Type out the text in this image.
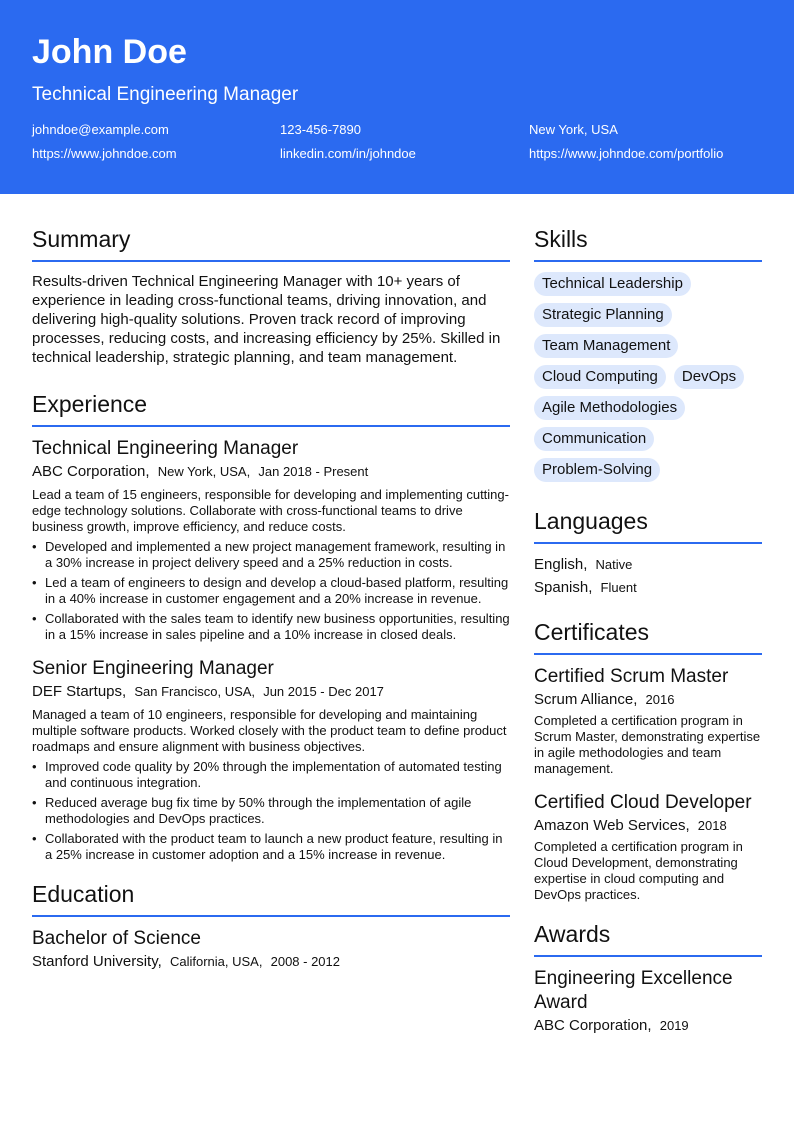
John Doe
Technical Engineering Manager
johndoe@example.com	123-456-7890	New York, USA
https://www.johndoe.com	linkedin.com/in/johndoe	https://www.johndoe.com/portfolio
Summary

Results-driven Technical Engineering Manager with 10+ years of experience in leading cross-functional teams, driving innovation, and delivering high-quality solutions. Proven track record of improving processes, reducing costs, and increasing efficiency by 25%. Skilled in technical leadership, strategic planning, and team management.

Experience
Technical Engineering Manager
ABC Corporation, New York, USA, Jan 2018 - Present

Lead a team of 15 engineers, responsible for developing and implementing cutting-edge technology solutions. Collaborate with cross-functional teams to drive business growth, improve efficiency, and reduce costs.

• Developed and implemented a new project management framework, resulting in a 30% increase in project delivery speed and a 25% reduction in costs.
• Led a team of engineers to design and develop a cloud-based platform, resulting in a 40% increase in customer engagement and a 20% increase in revenue.
• Collaborated with the sales team to identify new business opportunities, resulting in a 15% increase in sales pipeline and a 10% increase in closed deals.
Senior Engineering Manager
DEF Startups, San Francisco, USA, Jun 2015 - Dec 2017

Managed a team of 10 engineers, responsible for developing and maintaining multiple software products. Worked closely with the product team to define product roadmaps and ensure alignment with business objectives.

• Improved code quality by 20% through the implementation of automated testing and continuous integration.
• Reduced average bug fix time by 50% through the implementation of agile methodologies and DevOps practices.
• Collaborated with the product team to launch a new product feature, resulting in a 25% increase in customer adoption and a 15% increase in revenue.
Education
Bachelor of Science
Stanford University, California, USA, 2008 - 2012
Skills
Technical Leadership
Strategic Planning
Team Management
Cloud Computing	DevOps
Agile Methodologies
Communication
Problem-Solving
Languages
English, Native
Spanish, Fluent
Certificates
Certified Scrum Master
Scrum Alliance, 2016

Completed a certification program in Scrum Master, demonstrating expertise in agile methodologies and team management.

Certified Cloud Developer
Amazon Web Services, 2018

Completed a certification program in Cloud Development, demonstrating expertise in cloud computing and DevOps practices.

Awards
Engineering Excellence Award
ABC Corporation, 2019
